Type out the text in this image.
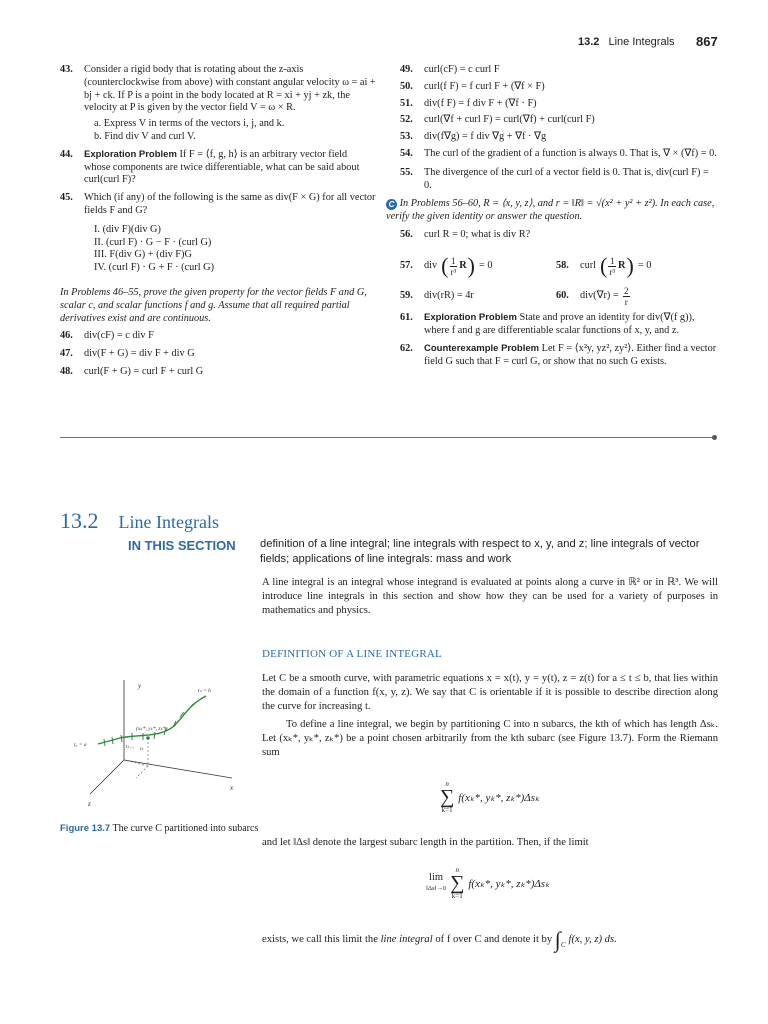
13.2 Line Integrals 867
43.	Consider a rigid body that is rotating about the z-axis (counterclockwise from above) with constant angular velocity ω = ai + bj + ck. If P is a point in the body located at R = xi + yj + zk, the velocity at P is given by the vector field V = ω × R.
a. Express V in terms of the vectors i, j, and k.
b. Find div V and curl V.
44.	Exploration Problem If F = ⟨f, g, h⟩ is an arbitrary vector field whose components are twice differentiable, what can be said about curl(curl F)?
45.	Which (if any) of the following is the same as div(F × G) for all vector fields F and G?
I. (div F)(div G)
II. (curl F) · G − F · (curl G)
III. F(div G) + (div F)G
IV. (curl F) · G + F · (curl G)

In Problems 46–55, prove the given property for the vector fields F and G, scalar c, and scalar functions f and g. Assume that all required partial derivatives exist and are continuous.

46.	div(cF) = c div F
47.	div(F + G) = div F + div G
48.	curl(F + G) = curl F + curl G
49.	curl(cF) = c curl F
50.	curl(f F) = f curl F + (∇f × F)
51.	div(f F) = f div F + (∇f · F)
52.	curl(∇f + curl F) = curl(∇f) + curl(curl F)
53.	div(f∇g) = f div ∇g + ∇f · ∇g
54.	The curl of the gradient of a function is always 0. That is, ∇ × (∇f) = 0.
55.	The divergence of the curl of a vector field is 0. That is, div(curl F) = 0.

C In Problems 56–60, R = ⟨x, y, z⟩, and r = ‖R‖ = √(x² + y² + z²). In each case, verify the given identity or answer the question.

56.	curl R = 0; what is div R?
57.	div ( 1
r³
R ) = 0	58.	curl ( 1
r³
R ) = 0
59.	div(rR) = 4r	60.	$div(\nabla r) = \frac{2}{r}$
61.	Exploration Problem State and prove an identity for div(∇(f g)), where f and g are differentiable scalar functions of x, y, and z.
62.	Counterexample Problem Let F = ⟨x²y, yz², zy²⟩. Either find a vector field G such that F = curl G, or show that no such G exists.
13.2 Line Integrals
IN THIS SECTION definition of a line integral; line integrals with respect to x, y, and z; line integrals of vector fields; applications of line integrals: mass and work
A line integral is an integral whose integrand is evaluated at points along a curve in ℝ² or in ℝ³. We will introduce line integrals in this section and show how they can be used for a variety of purposes in mathematics and physics.
DEFINITION OF A LINE INTEGRAL
Let C be a smooth curve, with parametric equations x = x(t), y = y(t), z = z(t) for a ≤ t ≤ b, that lies within the domain of a function f(x, y, z). We say that C is orientable if it is possible to describe direction along the curve for increasing t.
To define a line integral, we begin by partitioning C into n subarcs, the kth of which has length Δsₖ. Let (xₖ*, yₖ*, zₖ*) be a point chosen arbitrarily from the kth subarc (see Figure 13.7). Form the Riemann sum
n
∑
k=1
f(xₖ*, yₖ*, zₖ*)Δsₖ
and let ‖Δs‖ denote the largest subarc length in the partition. Then, if the limit
lim
‖Δs‖→0
n
∑
k=1
f(xₖ*, yₖ*, zₖ*)Δsₖ
exists, we call this limit the
line integral
of f over C and denote it by
∫ C f(x, y, z) ds.
y
x
z
t₀ = a
tₙ = b
(xₖ*, yₖ*, zₖ*)
tₖ₋₁ tₖ
Figure 13.7 The curve C partitioned into subarcs
